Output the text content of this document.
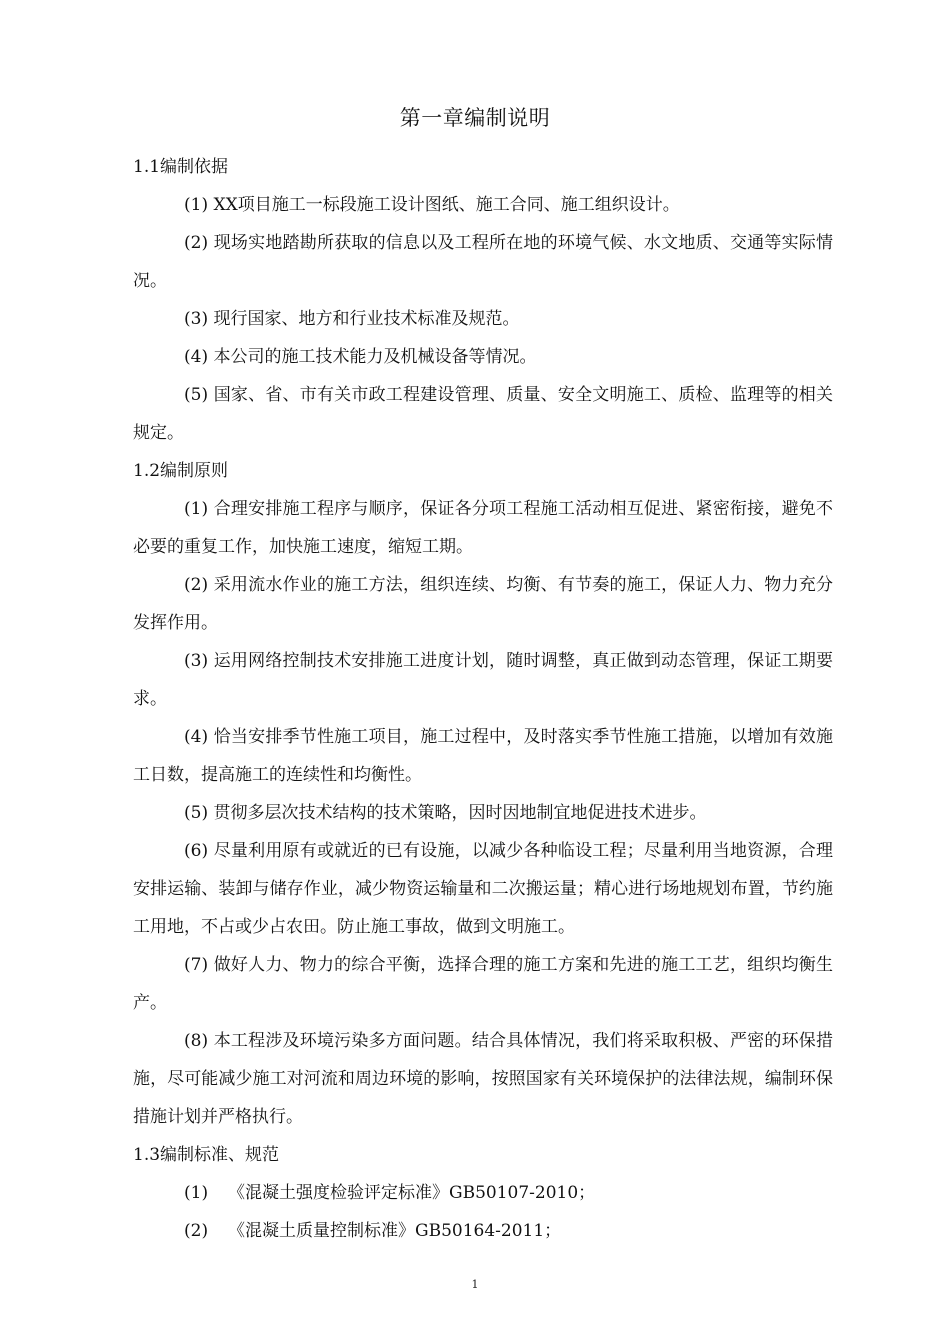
第一章编制说明
1.1编制依据

(1) XX项目施工一标段施工设计图纸、施工合同、施工组织设计。

(2) 现场实地踏勘所获取的信息以及工程所在地的环境气候、水文地质、交通等实际情况。

(3) 现行国家、地方和行业技术标准及规范。

(4) 本公司的施工技术能力及机械设备等情况。

(5) 国家、省、市有关市政工程建设管理、质量、安全文明施工、质检、监理等的相关规定。

1.2编制原则

(1) 合理安排施工程序与顺序，保证各分项工程施工活动相互促进、紧密衔接，避免不必要的重复工作，加快施工速度，缩短工期。

(2) 采用流水作业的施工方法，组织连续、均衡、有节奏的施工，保证人力、物力充分发挥作用。

(3) 运用网络控制技术安排施工进度计划，随时调整，真正做到动态管理，保证工期要求。

(4) 恰当安排季节性施工项目，施工过程中，及时落实季节性施工措施，以增加有效施工日数，提高施工的连续性和均衡性。

(5) 贯彻多层次技术结构的技术策略，因时因地制宜地促进技术进步。

(6) 尽量利用原有或就近的已有设施，以减少各种临设工程；尽量利用当地资源，合理安排运输、装卸与储存作业，减少物资运输量和二次搬运量；精心进行场地规划布置，节约施工用地，不占或少占农田。防止施工事故，做到文明施工。

(7) 做好人力、物力的综合平衡，选择合理的施工方案和先进的施工工艺，组织均衡生产。

(8) 本工程涉及环境污染多方面问题。结合具体情况，我们将采取积极、严密的环保措施，尽可能减少施工对河流和周边环境的影响，按照国家有关环境保护的法律法规，编制环保措施计划并严格执行。

1.3编制标准、规范
(1) 《混凝土强度检验评定标准》GB50107-2010；
(2) 《混凝土质量控制标准》GB50164-2011；
1
